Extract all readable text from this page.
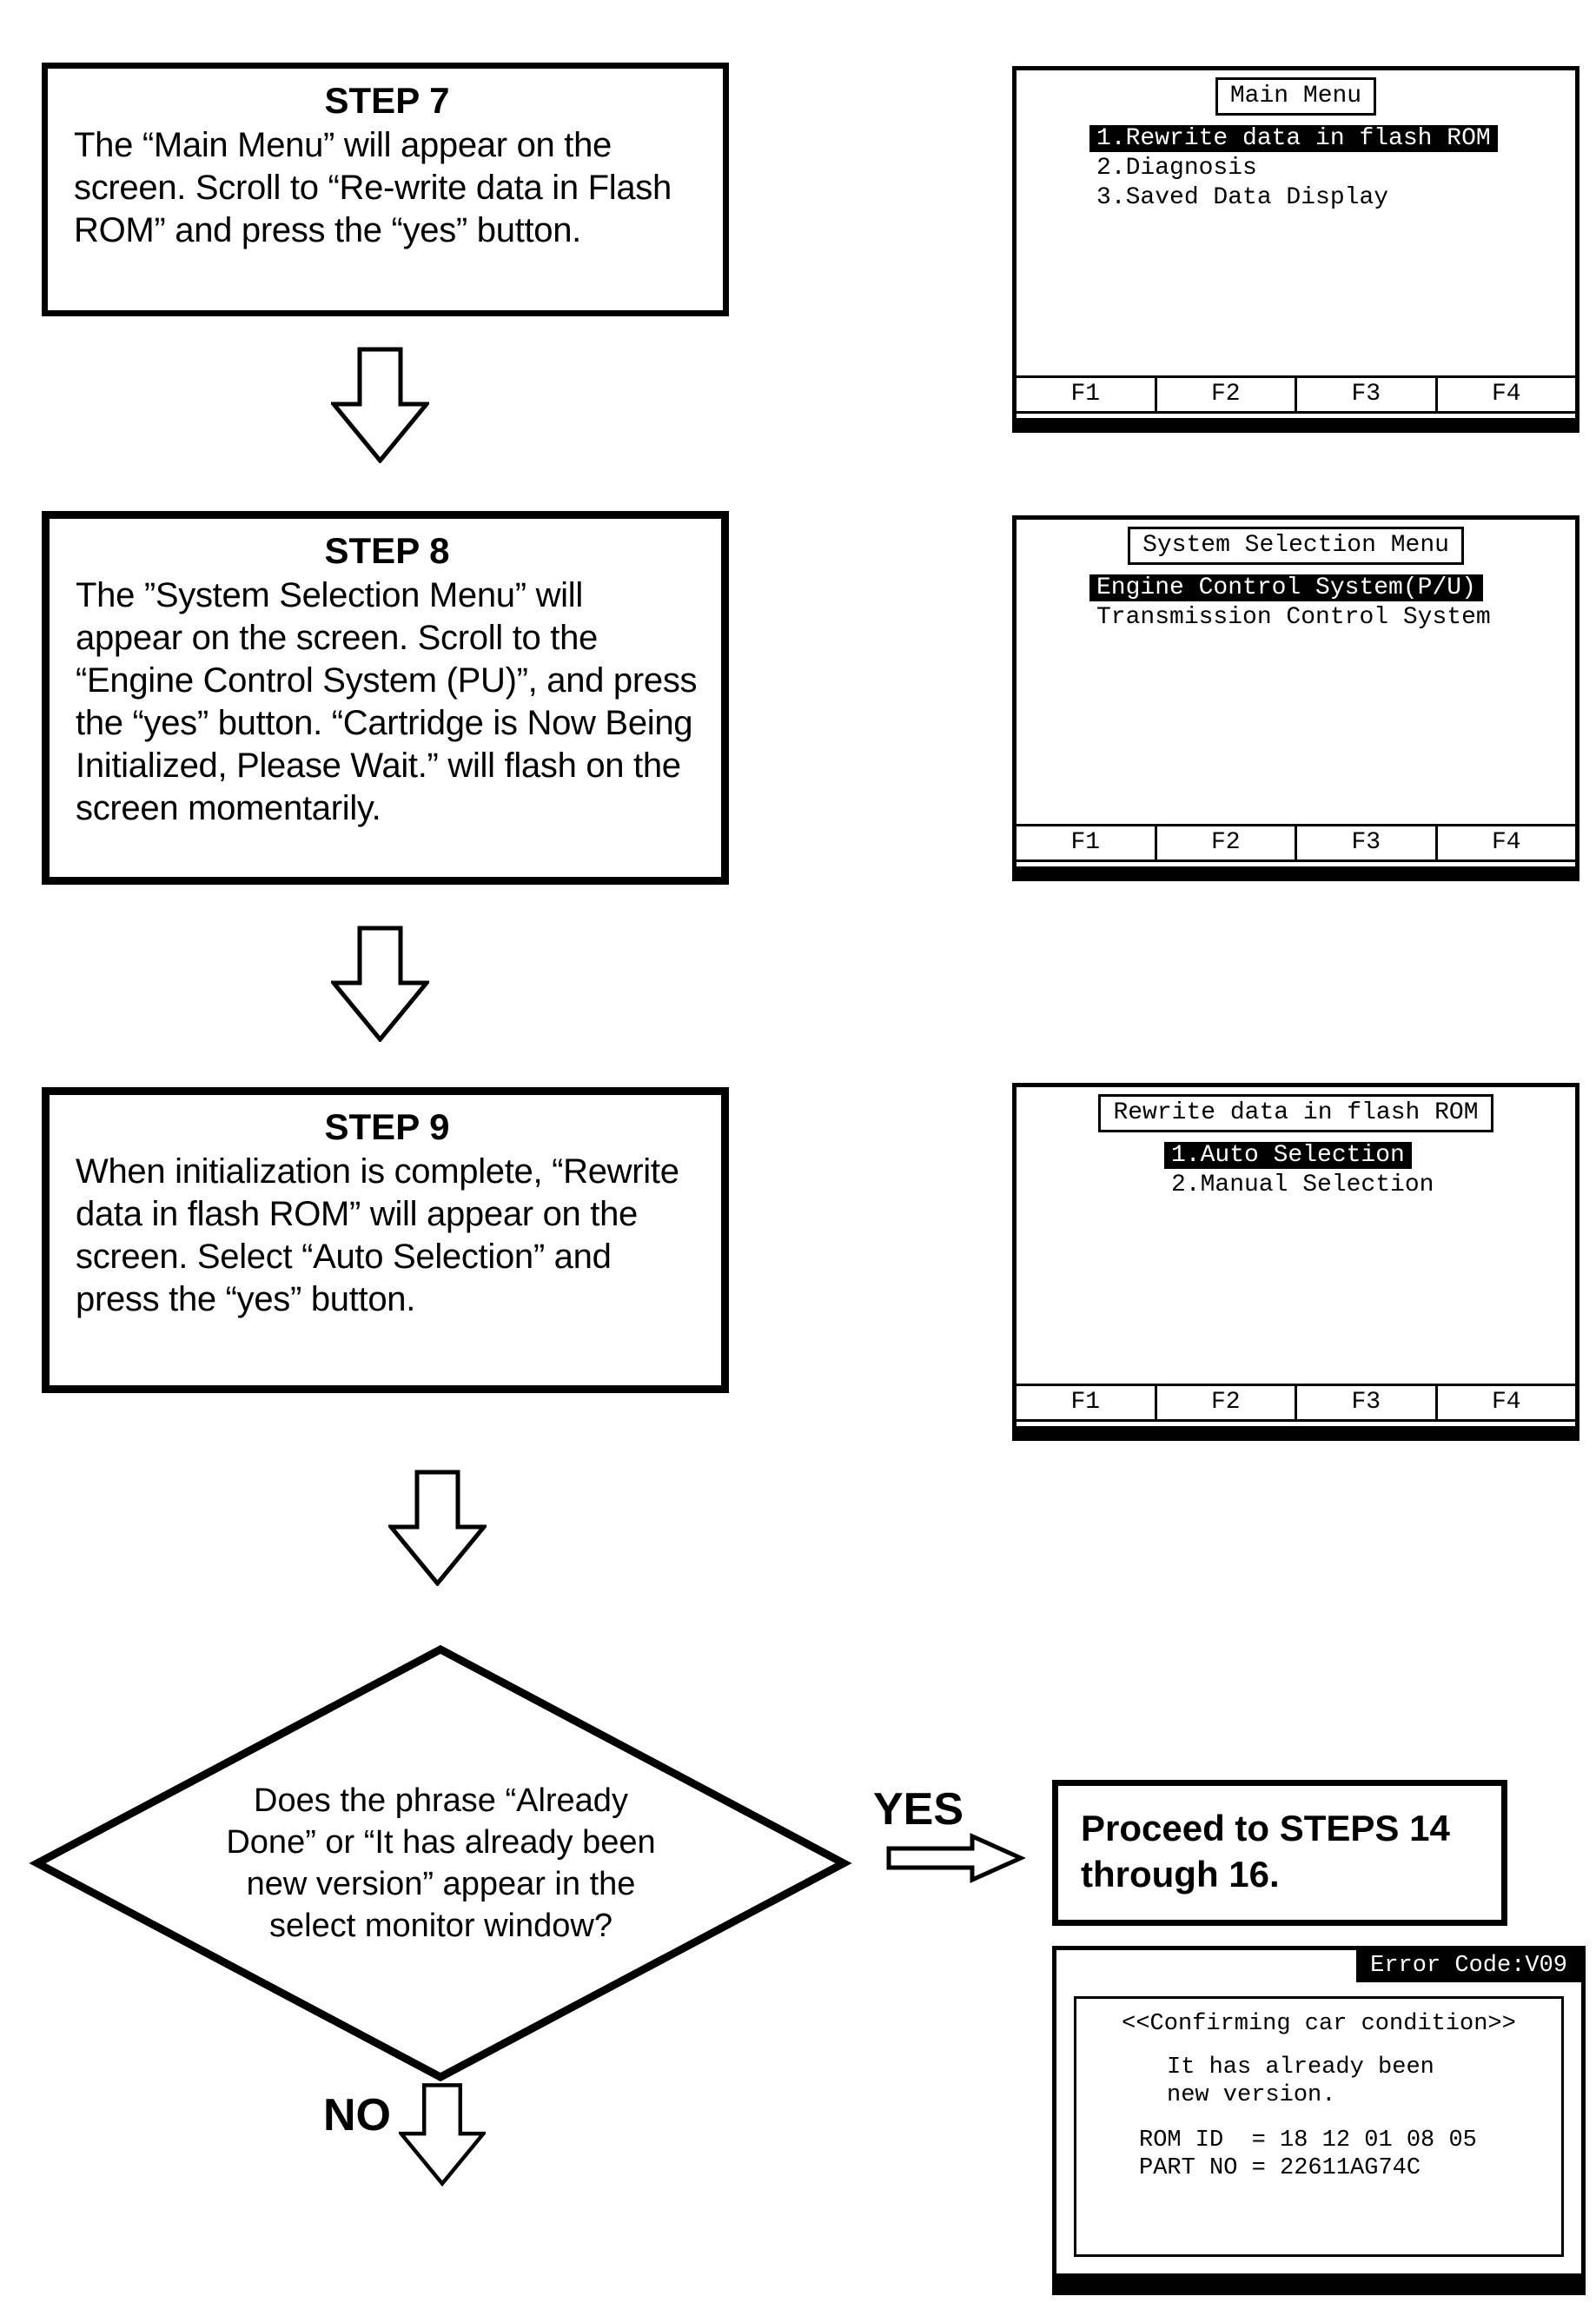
STEP 7
The “Main Menu” will appear on the screen. Scroll to “Re-write data in Flash ROM” and press the “yes” button.
Main Menu
1.Rewrite data in flash ROM
2.Diagnosis
3.Saved Data Display
F1	F2	F3	F4
STEP 8
The ”System Selection Menu” will appear on the screen. Scroll to the “Engine Control System (PU)”, and press the “yes” button. “Cartridge is Now Being Initialized, Please Wait.” will flash on the screen momentarily.
System Selection Menu
Engine Control System(P/U)
Transmission Control System
F1	F2	F3	F4
STEP 9
When initialization is complete, “Rewrite data in flash ROM” will appear on the screen. Select “Auto Selection” and press the “yes” button.
Rewrite data in flash ROM
1.Auto Selection
2.Manual Selection
F1	F2	F3	F4
Does the phrase “Already
Done” or “It has already been
new version” appear in the
select monitor window?
YES	Proceed to STEPS 14 through 16.
Error Code:V09
<<Confirming car condition>>
It has already been
new version.
ROM ID  = 18 12 01 08 05
PART NO = 22611AG74C
NO
